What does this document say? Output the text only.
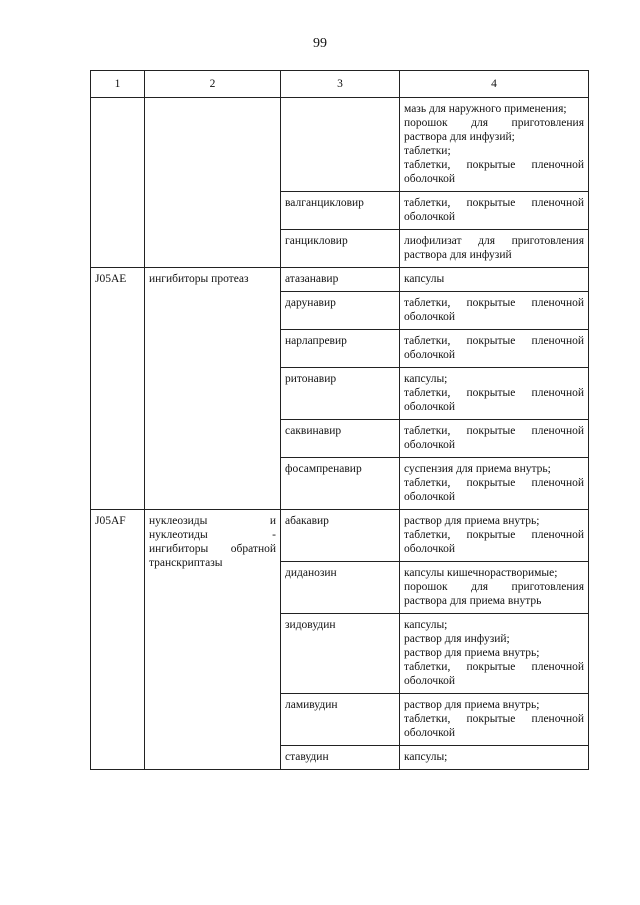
99
1	2	3	4

			мазь для наружного применения;
порошок для приготовления раствора для инфузий;
таблетки;
таблетки, покрытые пленочной оболочкой

		валганцикловир	таблетки, покрытые пленочной оболочкой

		ганцикловир	лиофилизат для приготовления раствора для инфузий

J05AE	ингибиторы протеаз	атазанавир	капсулы

		дарунавир	таблетки, покрытые пленочной оболочкой

		нарлапревир	таблетки, покрытые пленочной оболочкой

		ритонавир	капсулы;
таблетки, покрытые пленочной оболочкой

		саквинавир	таблетки, покрытые пленочной оболочкой

		фосампренавир	суспензия для приема внутрь;
таблетки, покрытые пленочной оболочкой

J05AF	нуклеозиды и нуклеотиды - ингибиторы обратной транскриптазы	абакавир	раствор для приема внутрь;
таблетки, покрытые пленочной оболочкой

		диданозин	капсулы кишечнорастворимые;
порошок для приготовления раствора для приема внутрь

		зидовудин	капсулы;
раствор для инфузий;
раствор для приема внутрь;
таблетки, покрытые пленочной оболочкой

		ламивудин	раствор для приема внутрь;
таблетки, покрытые пленочной оболочкой

		ставудин	капсулы;
